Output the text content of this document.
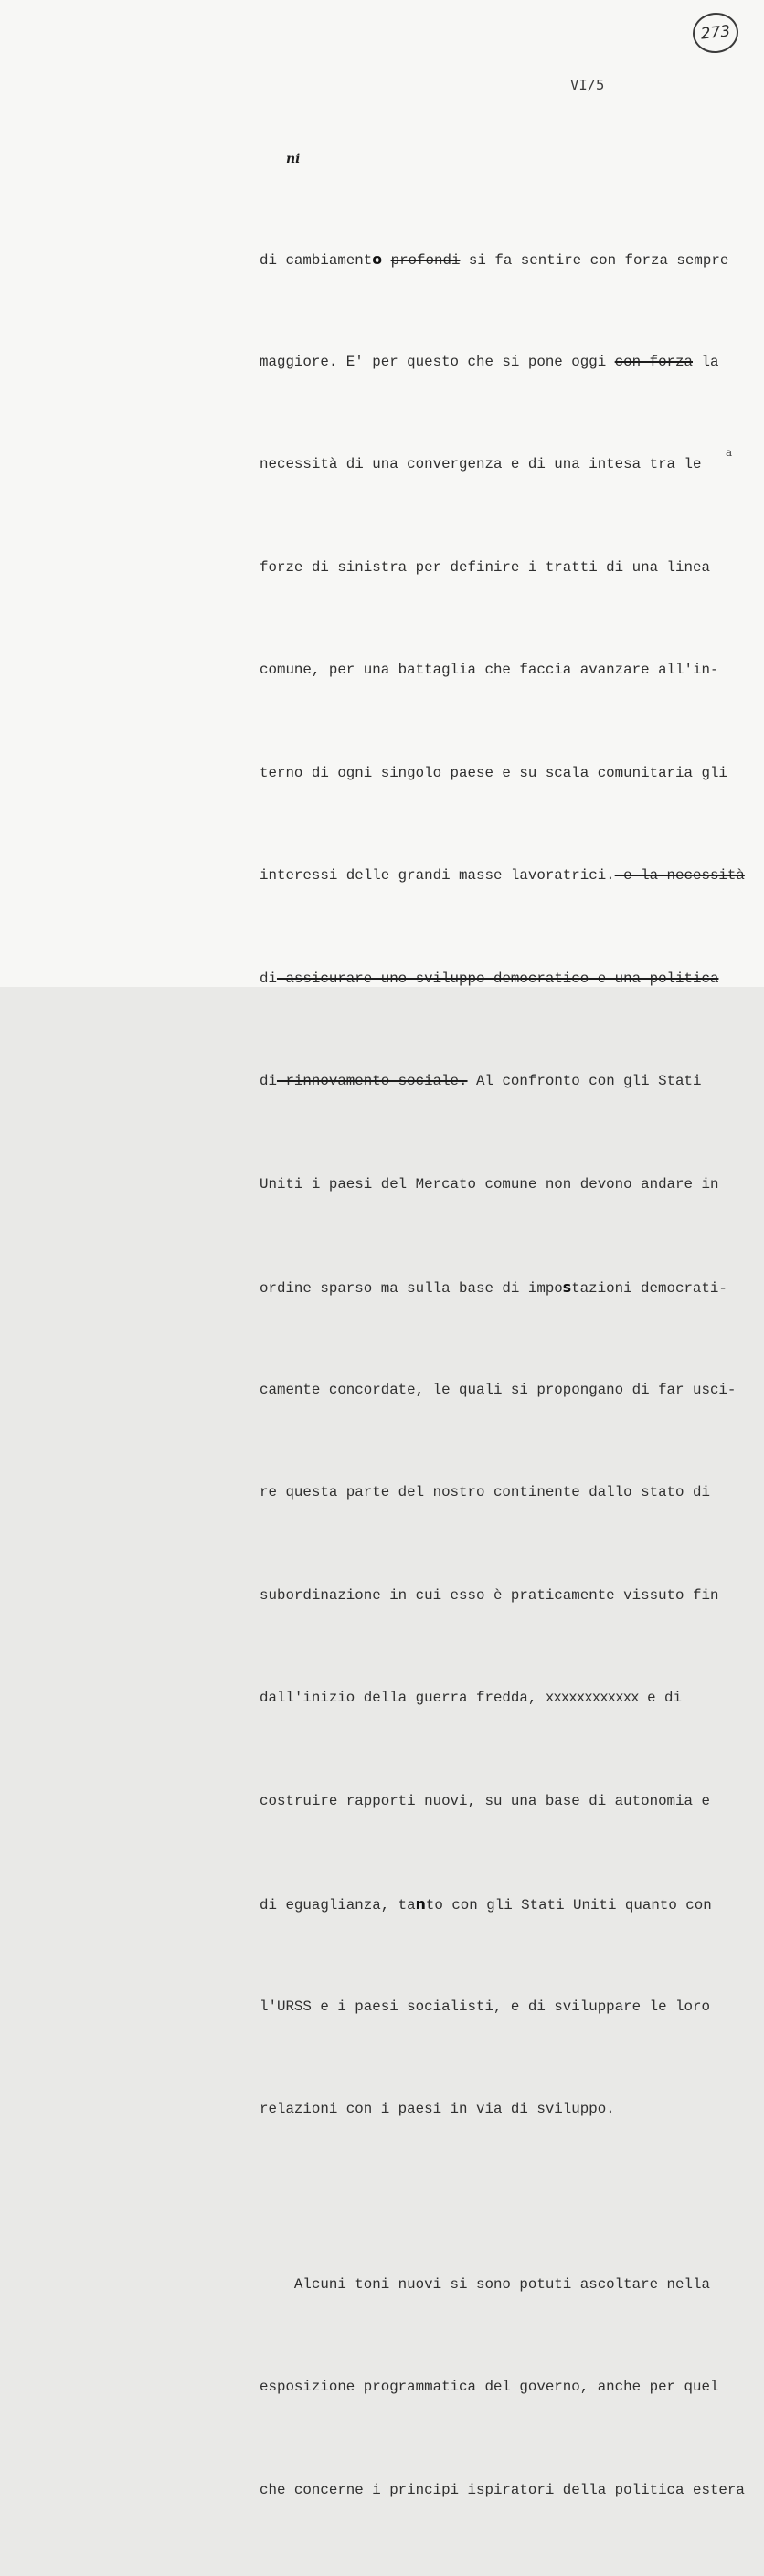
273
VI/5
ni
a

di cambiamento profondi si fa sentire con forza sempre

maggiore. E' per questo che si pone oggi con forza la

necessità di una convergenza e di una intesa tra le

forze di sinistra per definire i tratti di una linea

comune, per una battaglia che faccia avanzare all'in-

terno di ogni singolo paese e su scala comunitaria gli

interessi delle grandi masse lavoratrici. e la necessità

di assicurare uno sviluppo democratico e una politica

di rinnovamento sociale. Al confronto con gli Stati

Uniti i paesi del Mercato comune non devono andare in

ordine sparso ma sulla base di impostazioni democrati-

camente concordate, le quali si propongano di far usci-

re questa parte del nostro continente dallo stato di

subordinazione in cui esso è praticamente vissuto fin

dall'inizio della guerra fredda, xxxxxxxxxxxx e di

costruire rapporti nuovi, su una base di autonomia e

di eguaglianza, tanto con gli Stati Uniti quanto con

l'URSS e i paesi socialisti, e di sviluppare le loro

relazioni con i paesi in via di sviluppo.

Alcuni toni nuovi si sono potuti ascoltare nella

esposizione programmatica del governo, anche per quel

che concerne i principi ispiratori della politica estera
